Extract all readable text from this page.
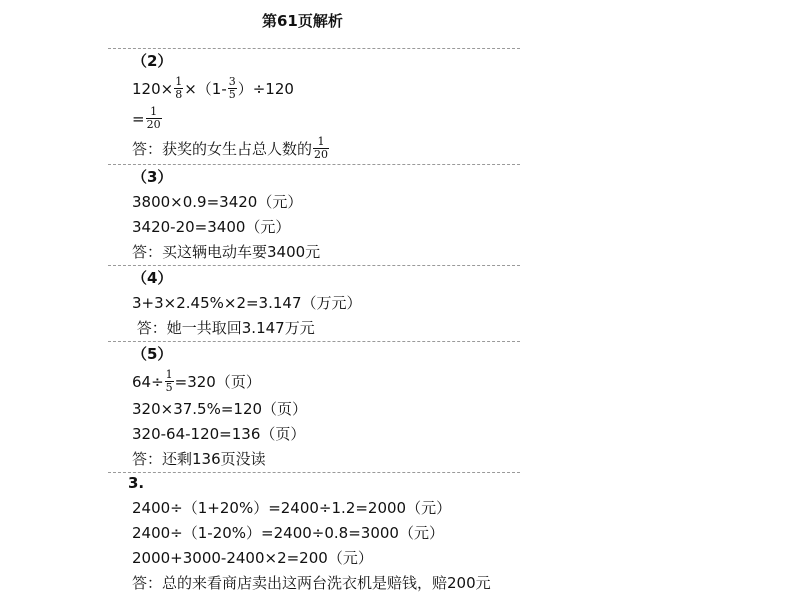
第61页解析
（2）
$120\times \frac{1}{8} \times(1- \frac{3}{5} )\div 120$
= $\frac{1}{20}$
答：获奖的女生占总人数的 $\frac{1}{20}$
（3）
3800×0.9=3420（元）
3420-20=3400（元）
答：买这辆电动车要3400元
（4）
3+3×2.45%×2=3.147（万元）
答：她一共取回3.147万元
（5）
$64\div \frac{1}{5} =320$（页）
320×37.5%=120（页）
320-64-120=136（页）
答：还剩136页没读
3.
2400÷（1+20%）=2400÷1.2=2000（元）
2400÷（1-20%）=2400÷0.8=3000（元）
2000+3000-2400×2=200（元）
答：总的来看商店卖出这两台洗衣机是赔钱，赔200元
